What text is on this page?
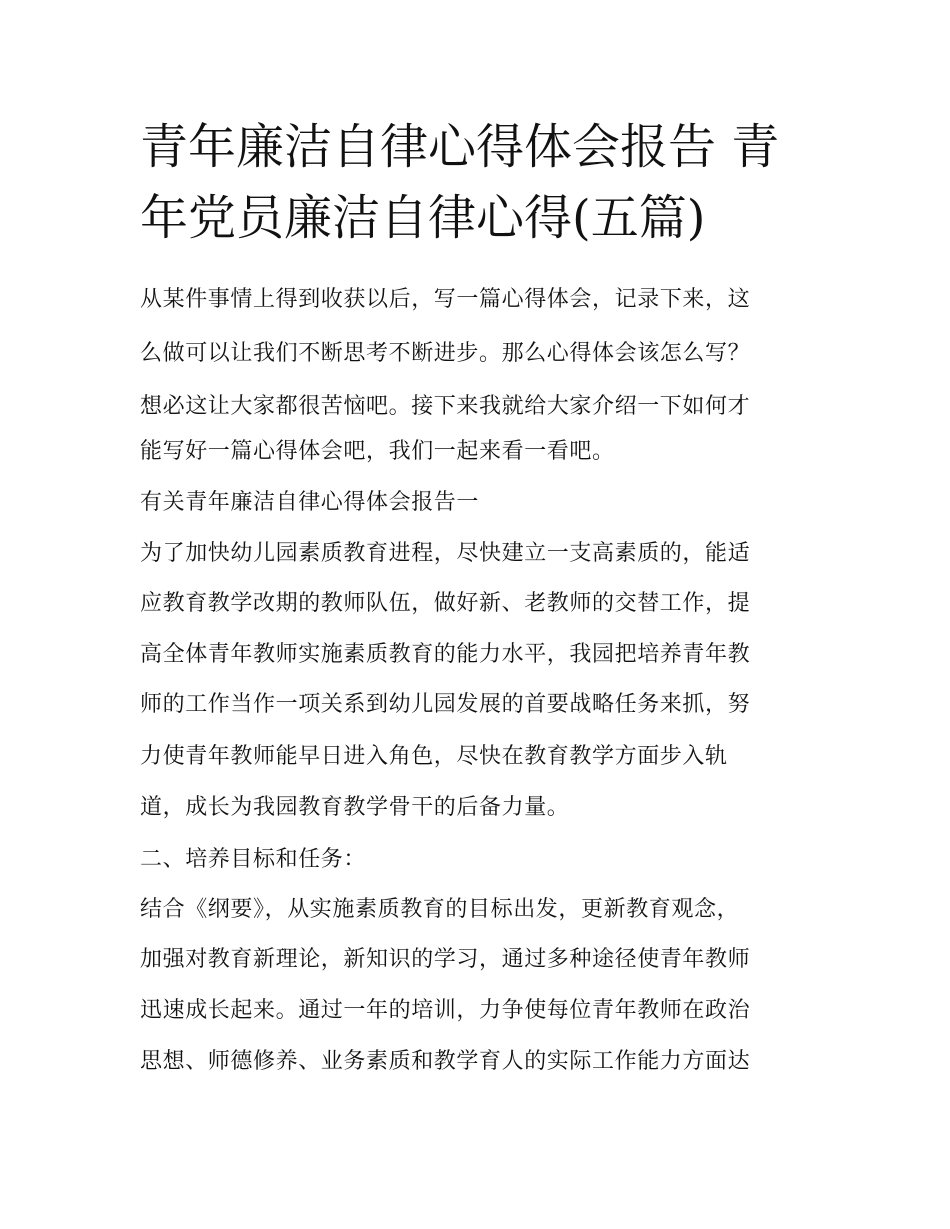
青年廉洁自律心得体会报告 青
年党员廉洁自律心得(五篇)

从某件事情上得到收获以后，写一篇心得体会，记录下来，这

么做可以让我们不断思考不断进步。那么心得体会该怎么写？

想必这让大家都很苦恼吧。接下来我就给大家介绍一下如何才

能写好一篇心得体会吧，我们一起来看一看吧。

有关青年廉洁自律心得体会报告一

为了加快幼儿园素质教育进程，尽快建立一支高素质的，能适

应教育教学改期的教师队伍，做好新、老教师的交替工作，提

高全体青年教师实施素质教育的能力水平，我园把培养青年教

师的工作当作一项关系到幼儿园发展的首要战略任务来抓，努

力使青年教师能早日进入角色，尽快在教育教学方面步入轨

道，成长为我园教育教学骨干的后备力量。

二、培养目标和任务：

结合《纲要》，从实施素质教育的目标出发，更新教育观念，

加强对教育新理论，新知识的学习，通过多种途径使青年教师

迅速成长起来。通过一年的培训，力争使每位青年教师在政治

思想、师德修养、业务素质和教学育人的实际工作能力方面达
